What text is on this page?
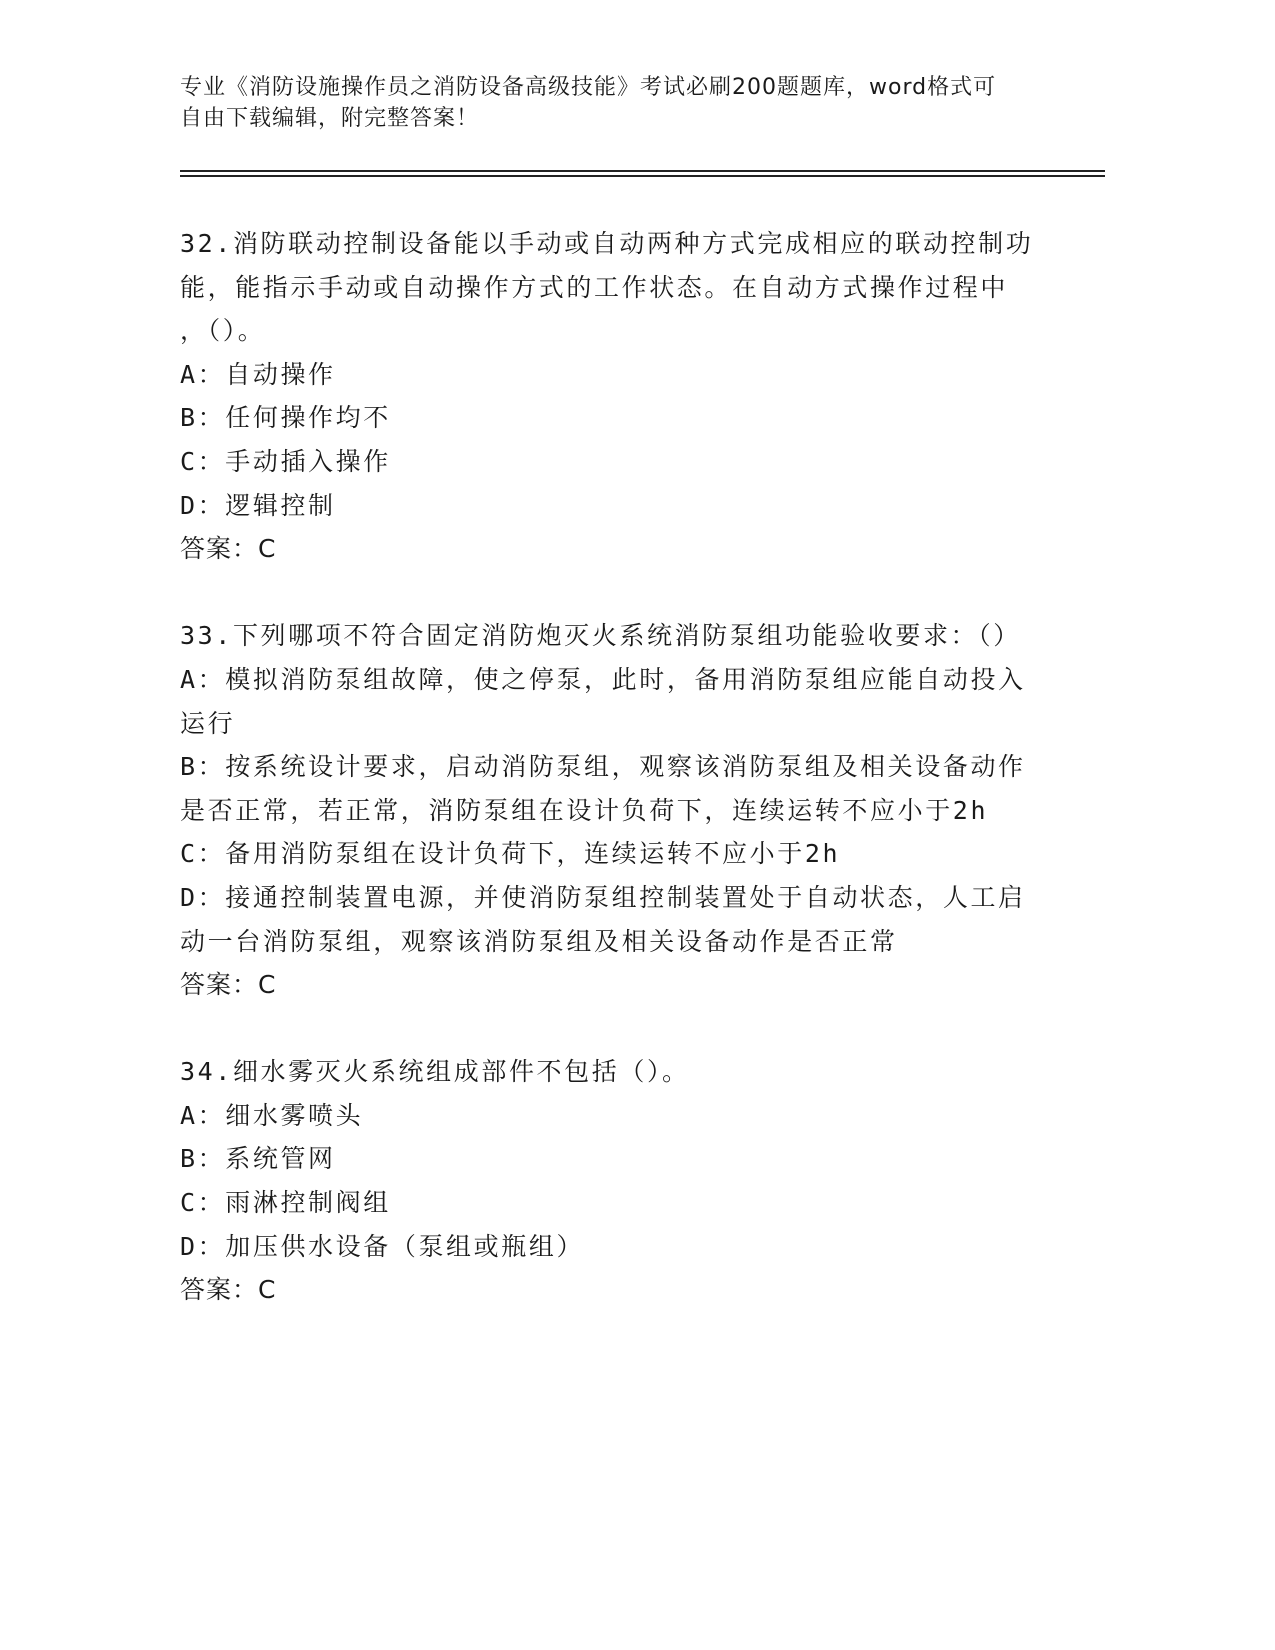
专业《消防设施操作员之消防设备高级技能》考试必刷200题题库，word格式可
自由下载编辑，附完整答案！
32.消防联动控制设备能以手动或自动两种方式完成相应的联动控制功
能，能指示手动或自动操作方式的工作状态。在自动方式操作过程中
，（）。
A：自动操作
B：任何操作均不
C：手动插入操作
D：逻辑控制
答案：C
33.下列哪项不符合固定消防炮灭火系统消防泵组功能验收要求：（）
A：模拟消防泵组故障，使之停泵，此时，备用消防泵组应能自动投入
运行
B：按系统设计要求，启动消防泵组，观察该消防泵组及相关设备动作
是否正常，若正常，消防泵组在设计负荷下，连续运转不应小于2h
C：备用消防泵组在设计负荷下，连续运转不应小于2h
D：接通控制装置电源，并使消防泵组控制装置处于自动状态，人工启
动一台消防泵组，观察该消防泵组及相关设备动作是否正常
答案：C
34.细水雾灭火系统组成部件不包括（）。
A：细水雾喷头
B：系统管网
C：雨淋控制阀组
D：加压供水设备（泵组或瓶组）
答案：C
